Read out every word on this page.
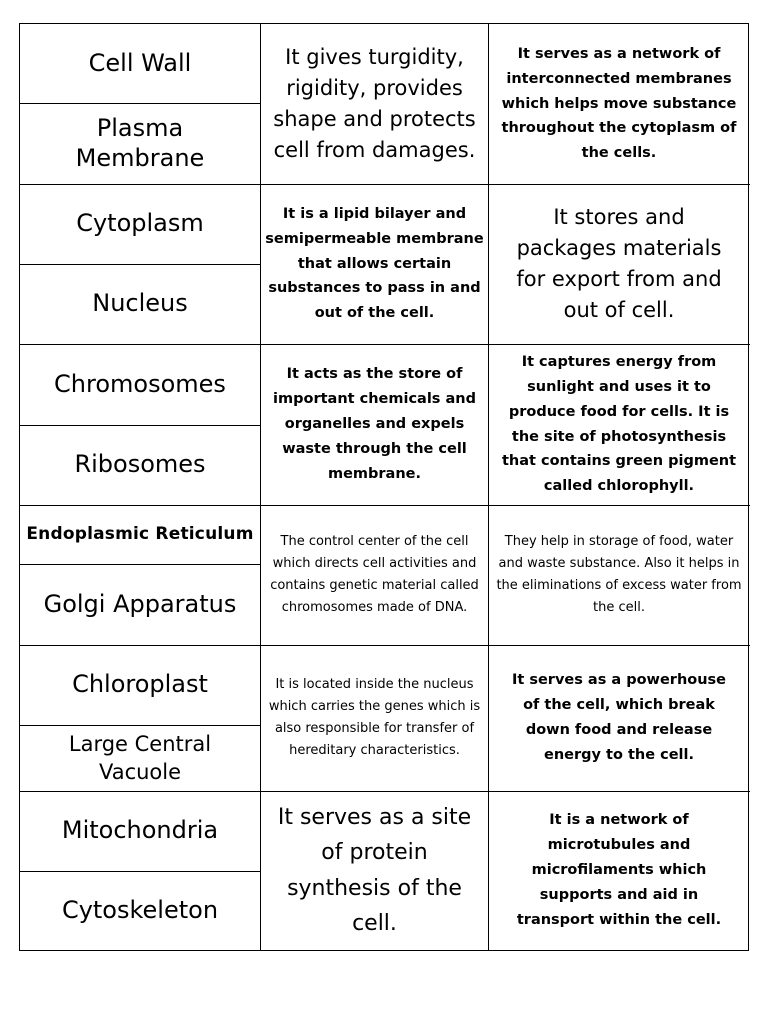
Cell Wall
Plasma Membrane
Cytoplasm
Nucleus
Chromosomes
Ribosomes
Endoplasmic Reticulum
Golgi Apparatus
Chloroplast
Large Central Vacuole
Mitochondria
Cytoskeleton
It gives turgidity, rigidity, provides shape and protects cell from damages.
It is a lipid bilayer and semipermeable membrane that allows certain substances to pass in and out of the cell.
It acts as the store of important chemicals and organelles and expels waste through the cell membrane.
The control center of the cell which directs cell activities and contains genetic material called chromosomes made of DNA.
It is located inside the nucleus which carries the genes which is also responsible for transfer of hereditary characteristics.
It serves as a site of protein synthesis of the cell.
It serves as a network of interconnected membranes which helps move substance throughout the cytoplasm of the cells.
It stores and packages materials for export from and out of cell.
It captures energy from sunlight and uses it to produce food for cells. It is the site of photosynthesis that contains green pigment called chlorophyll.
They help in storage of food, water and waste substance. Also it helps in the eliminations of excess water from the cell.
It serves as a powerhouse of the cell, which break down food and release energy to the cell.
It is a network of microtubules and microfilaments which supports and aid in transport within the cell.
